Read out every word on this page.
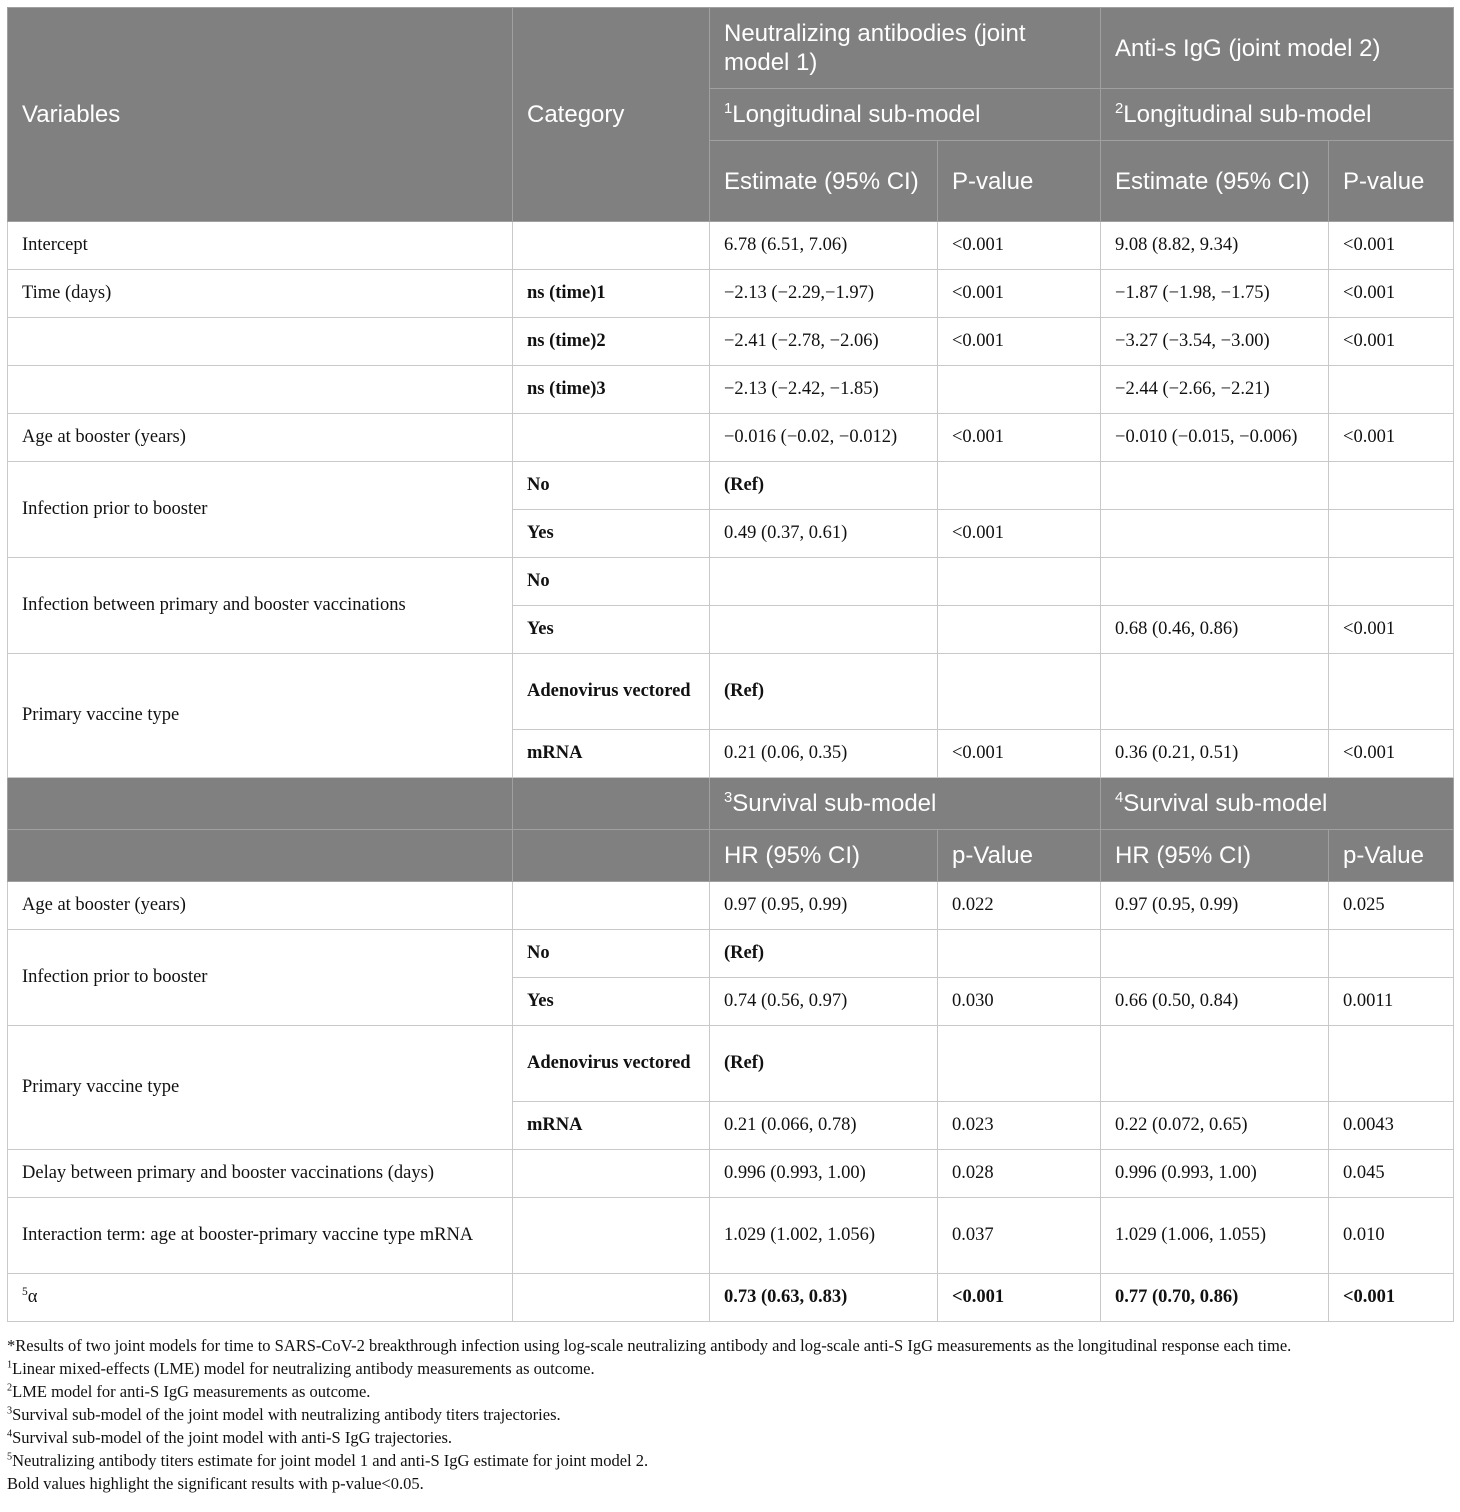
Variables	Category	Neutralizing antibodies (joint model 1)		Anti-s IgG (joint model 2)	
		$^1$Longitudinal sub-model		$^2$Longitudinal sub-model	
		Estimate (95% CI)	P-value	Estimate (95% CI)	P-value
Intercept		6.78 (6.51, 7.06)	<0.001	9.08 (8.82, 9.34)	<0.001
Time (days)	ns (time)1	−2.13 (−2.29,−1.97)	<0.001	−1.87 (−1.98, −1.75)	<0.001
	ns (time)2	−2.41 (−2.78, −2.06)	<0.001	−3.27 (−3.54, −3.00)	<0.001
	ns (time)3	−2.13 (−2.42, −1.85)		−2.44 (−2.66, −2.21)	
Age at booster (years)		−0.016 (−0.02, −0.012)	<0.001	−0.010 (−0.015, −0.006)	<0.001
Infection prior to booster	No	(Ref)			
	Yes	0.49 (0.37, 0.61)	<0.001		
Infection between primary and booster vaccinations	No				
	Yes			0.68 (0.46, 0.86)	<0.001
Primary vaccine type	Adenovirus vectored	(Ref)			
	mRNA	0.21 (0.06, 0.35)	<0.001	0.36 (0.21, 0.51)	<0.001
		$^3$Survival sub-model		$^4$Survival sub-model	
		HR (95% CI)	p-Value	HR (95% CI)	p-Value
Age at booster (years)		0.97 (0.95, 0.99)	0.022	0.97 (0.95, 0.99)	0.025
Infection prior to booster	No	(Ref)			
	Yes	0.74 (0.56, 0.97)	0.030	0.66 (0.50, 0.84)	0.0011
Primary vaccine type	Adenovirus vectored	(Ref)			
	mRNA	0.21 (0.066, 0.78)	0.023	0.22 (0.072, 0.65)	0.0043
Delay between primary and booster vaccinations (days)		0.996 (0.993, 1.00)	0.028	0.996 (0.993, 1.00)	0.045
Interaction term: age at booster-primary vaccine type mRNA		1.029 (1.002, 1.056)	0.037	1.029 (1.006, 1.055)	0.010
$^5$α		0.73 (0.63, 0.83)	<0.001	0.77 (0.70, 0.86)	<0.001

*Results of two joint models for time to SARS-CoV-2 breakthrough infection using log-scale neutralizing antibody and log-scale anti-S IgG measurements as the longitudinal response each time.

$^1$Linear mixed-effects (LME) model for neutralizing antibody measurements as outcome.

$^2$LME model for anti-S IgG measurements as outcome.

$^3$Survival sub-model of the joint model with neutralizing antibody titers trajectories.

$^4$Survival sub-model of the joint model with anti-S IgG trajectories.

$^5$Neutralizing antibody titers estimate for joint model 1 and anti-S IgG estimate for joint model 2.

Bold values highlight the significant results with p-value<0.05.
